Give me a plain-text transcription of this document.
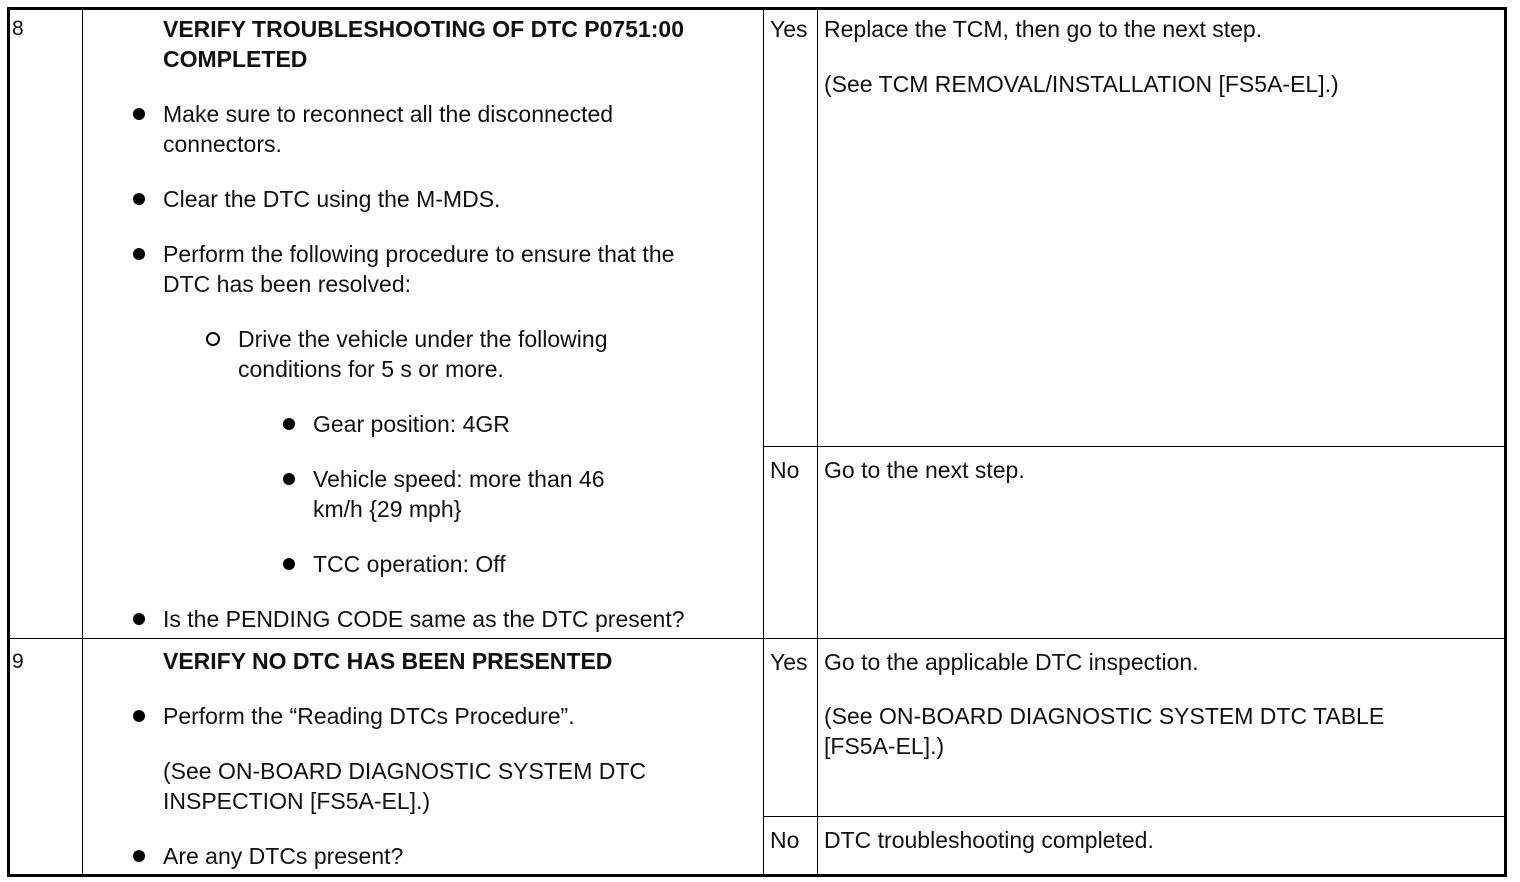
8	VERIFY TROUBLESHOOTING OF DTC P0751:00
COMPLETED
Make sure to reconnect all the disconnected
connectors.
Clear the DTC using the M-MDS.
Perform the following procedure to ensure that the
DTC has been resolved:
Drive the vehicle under the following
conditions for 5 s or more.
Gear position: 4GR
Vehicle speed: more than 46
km/h {29 mph}
TCC operation: Off
Is the PENDING CODE same as the DTC present?
Yes Replace the TCM, then go to the next step.
(See TCM REMOVAL/INSTALLATION [FS5A-EL].)
No Go to the next step.
9	VERIFY NO DTC HAS BEEN PRESENTED
Perform the “Reading DTCs Procedure”.
(See ON-BOARD DIAGNOSTIC SYSTEM DTC
INSPECTION [FS5A-EL].)
Are any DTCs present?
Yes Go to the applicable DTC inspection.
(See ON-BOARD DIAGNOSTIC SYSTEM DTC TABLE
[FS5A-EL].)
No DTC troubleshooting completed.
